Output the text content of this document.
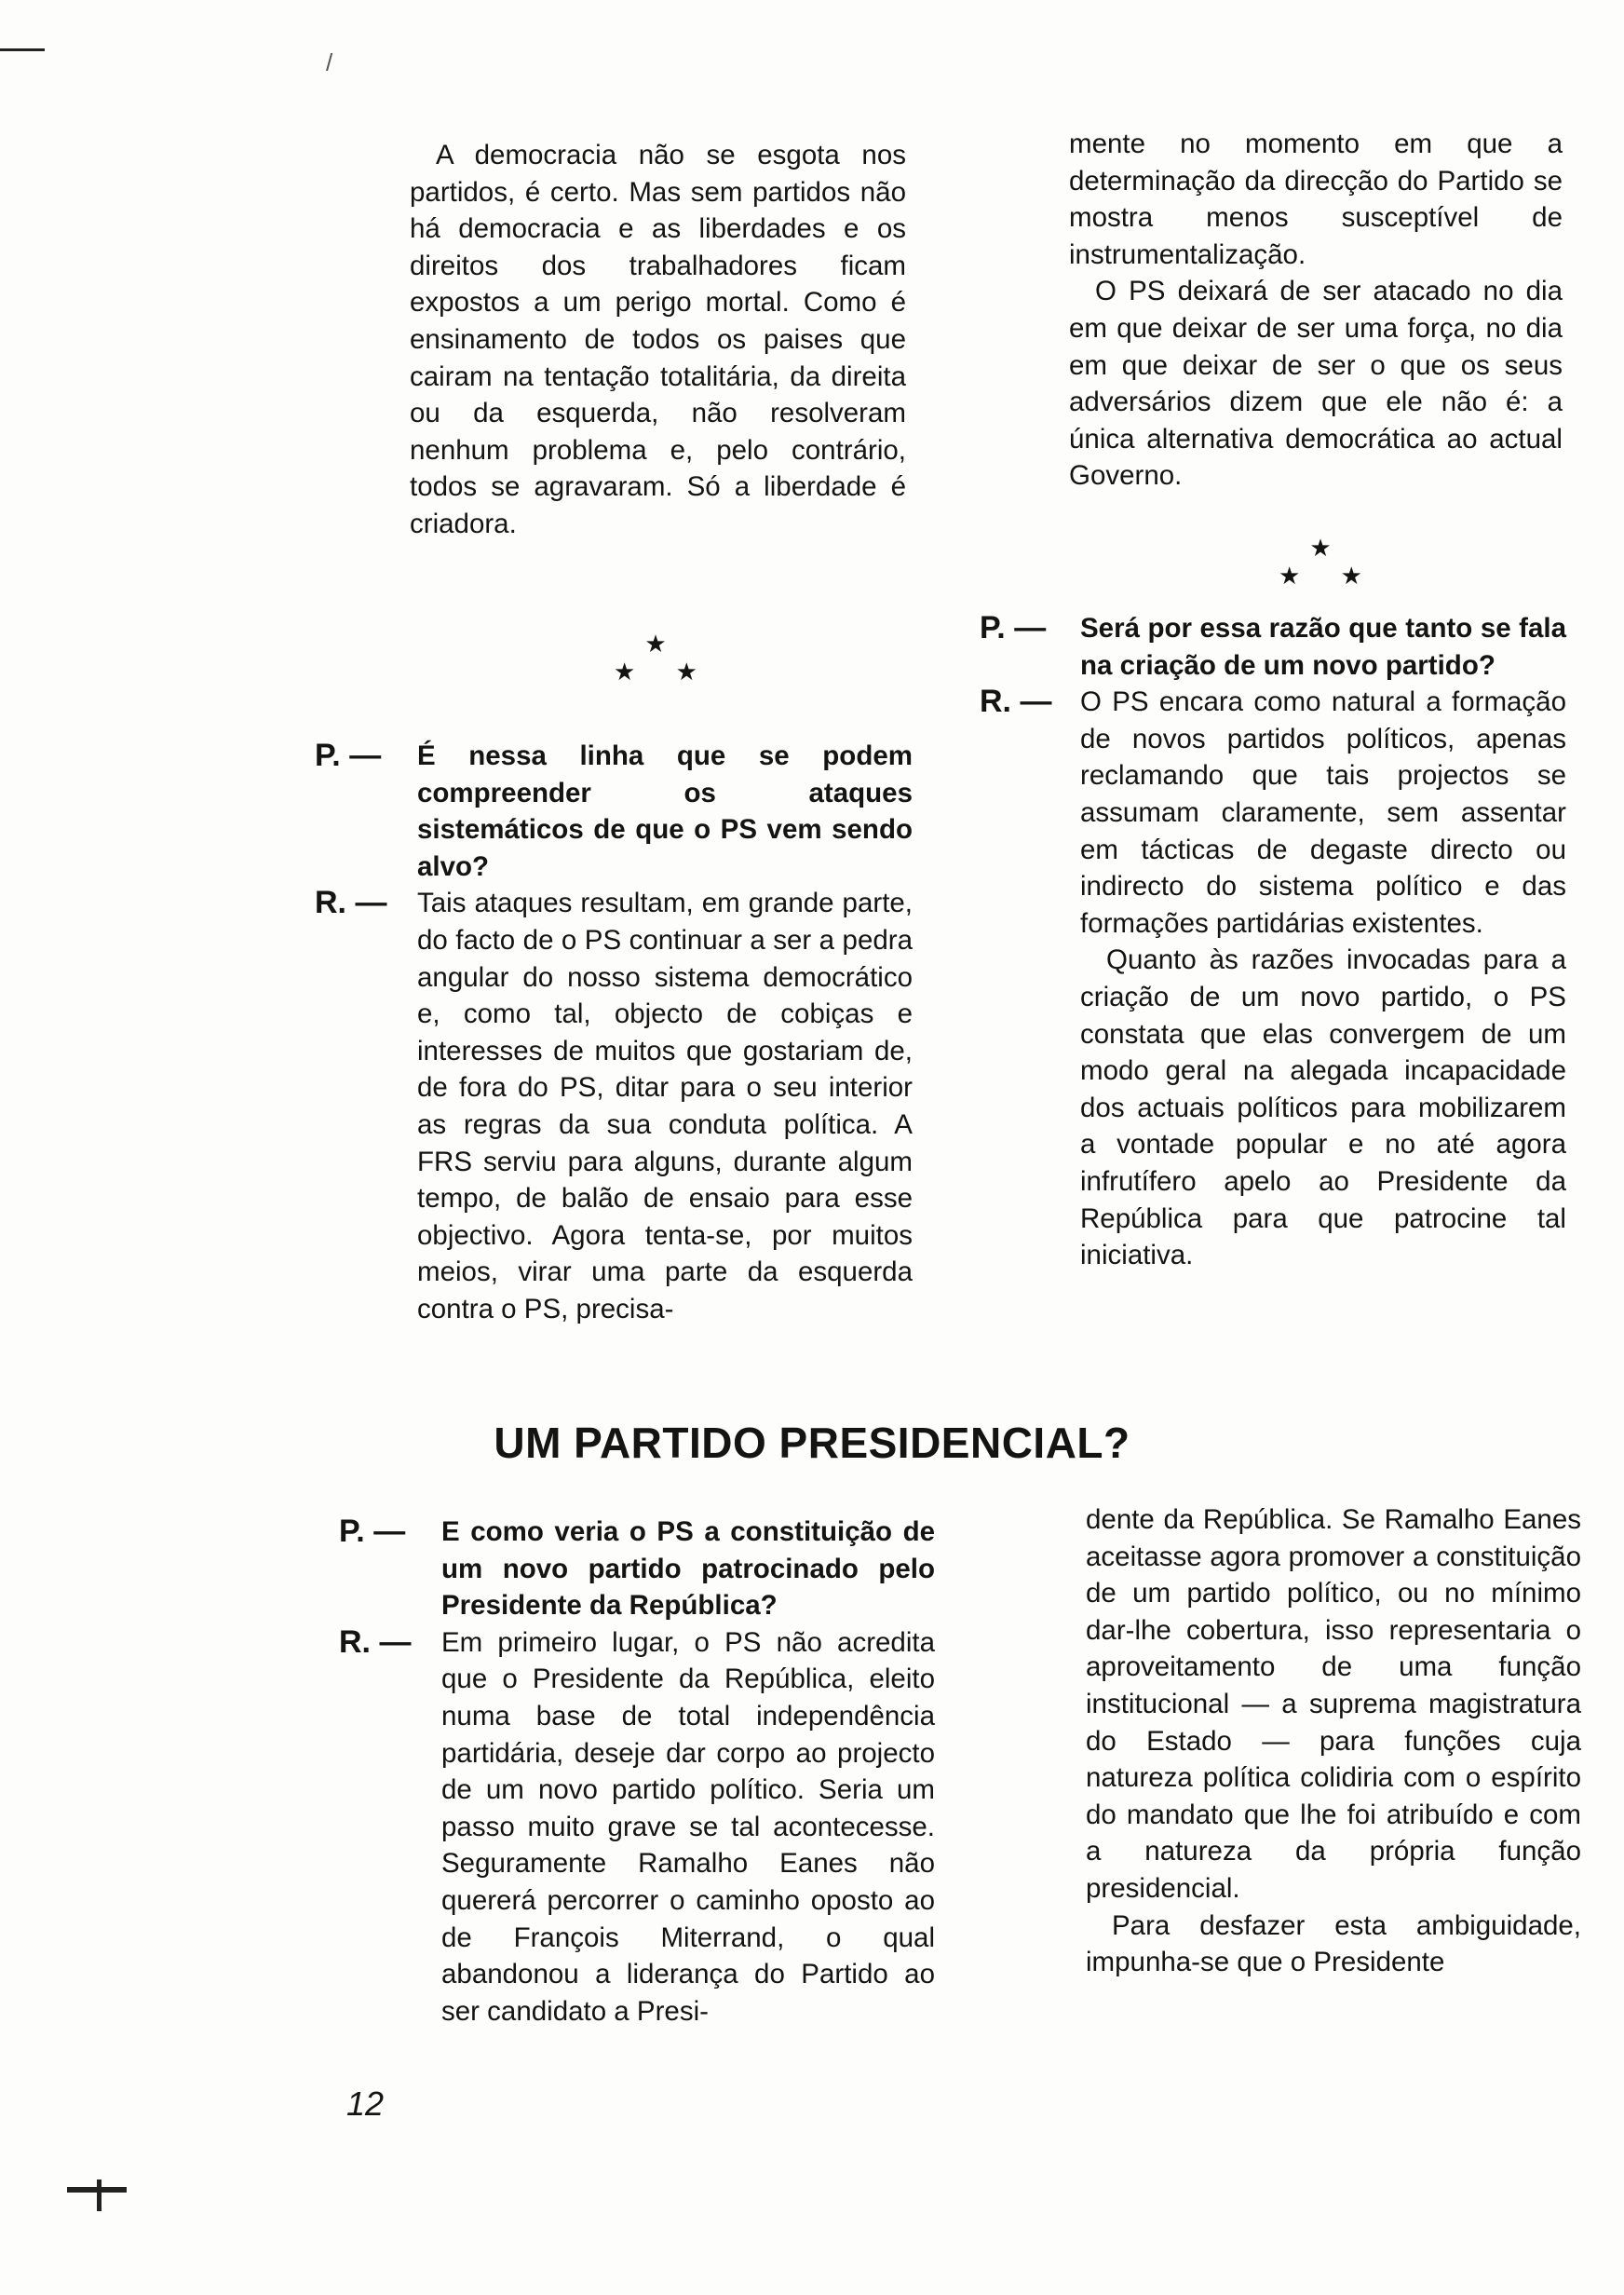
/

A democracia não se esgota nos partidos, é certo. Mas sem partidos não há democracia e as liberdades e os direitos dos trabalhadores ficam expostos a um perigo mortal. Como é ensinamento de todos os paises que cairam na tentação totalitária, da direita ou da esquerda, não resolveram nenhum problema e, pelo contrário, todos se agravaram. Só a liberdade é criadora.

★
★ ★
P. —	É nessa linha que se podem compreender os ataques sistemáticos de que o PS vem sendo alvo?
R. —	Tais ataques resultam, em grande parte, do facto de o PS continuar a ser a pedra angular do nosso sistema democrático e, como tal, objecto de cobiças e interesses de muitos que gostariam de, de fora do PS, ditar para o seu interior as regras da sua conduta política. A FRS serviu para alguns, durante algum tempo, de balão de ensaio para esse objectivo. Agora tenta-se, por muitos meios, virar uma parte da esquerda contra o PS, precisa-

mente no momento em que a determinação da direcção do Partido se mostra menos susceptível de instrumentalização.

O PS deixará de ser atacado no dia em que deixar de ser uma força, no dia em que deixar de ser o que os seus adversários dizem que ele não é: a única alternativa democrática ao actual Governo.

★
★ ★
P. —	Será por essa razão que tanto se fala na criação de um novo partido?
R. —	O PS encara como natural a formação de novos partidos políticos, apenas reclamando que tais projectos se assumam claramente, sem assentar em tácticas de degaste directo ou indirecto do sistema político e das formações partidárias existentes.
Quanto às razões invocadas para a criação de um novo partido, o PS constata que elas convergem de um modo geral na alegada incapacidade dos actuais políticos para mobilizarem a vontade popular e no até agora infrutífero apelo ao Presidente da República para que patrocine tal iniciativa.
UM PARTIDO PRESIDENCIAL?
P. —	E como veria o PS a constituição de um novo partido patrocinado pelo Presidente da República?
R. —	Em primeiro lugar, o PS não acredita que o Presidente da República, eleito numa base de total independência partidária, deseje dar corpo ao projecto de um novo partido político. Seria um passo muito grave se tal acontecesse. Seguramente Ramalho Eanes não quererá percorrer o caminho oposto ao de François Miterrand, o qual abandonou a liderança do Partido ao ser candidato a Presi-

dente da República. Se Ramalho Eanes aceitasse agora promover a constituição de um partido político, ou no mínimo dar-lhe cobertura, isso representaria o aproveitamento de uma função institucional — a suprema magistratura do Estado — para funções cuja natureza política colidiria com o espírito do mandato que lhe foi atribuído e com a natureza da própria função presidencial.

Para desfazer esta ambiguidade, impunha-se que o Presidente

12
